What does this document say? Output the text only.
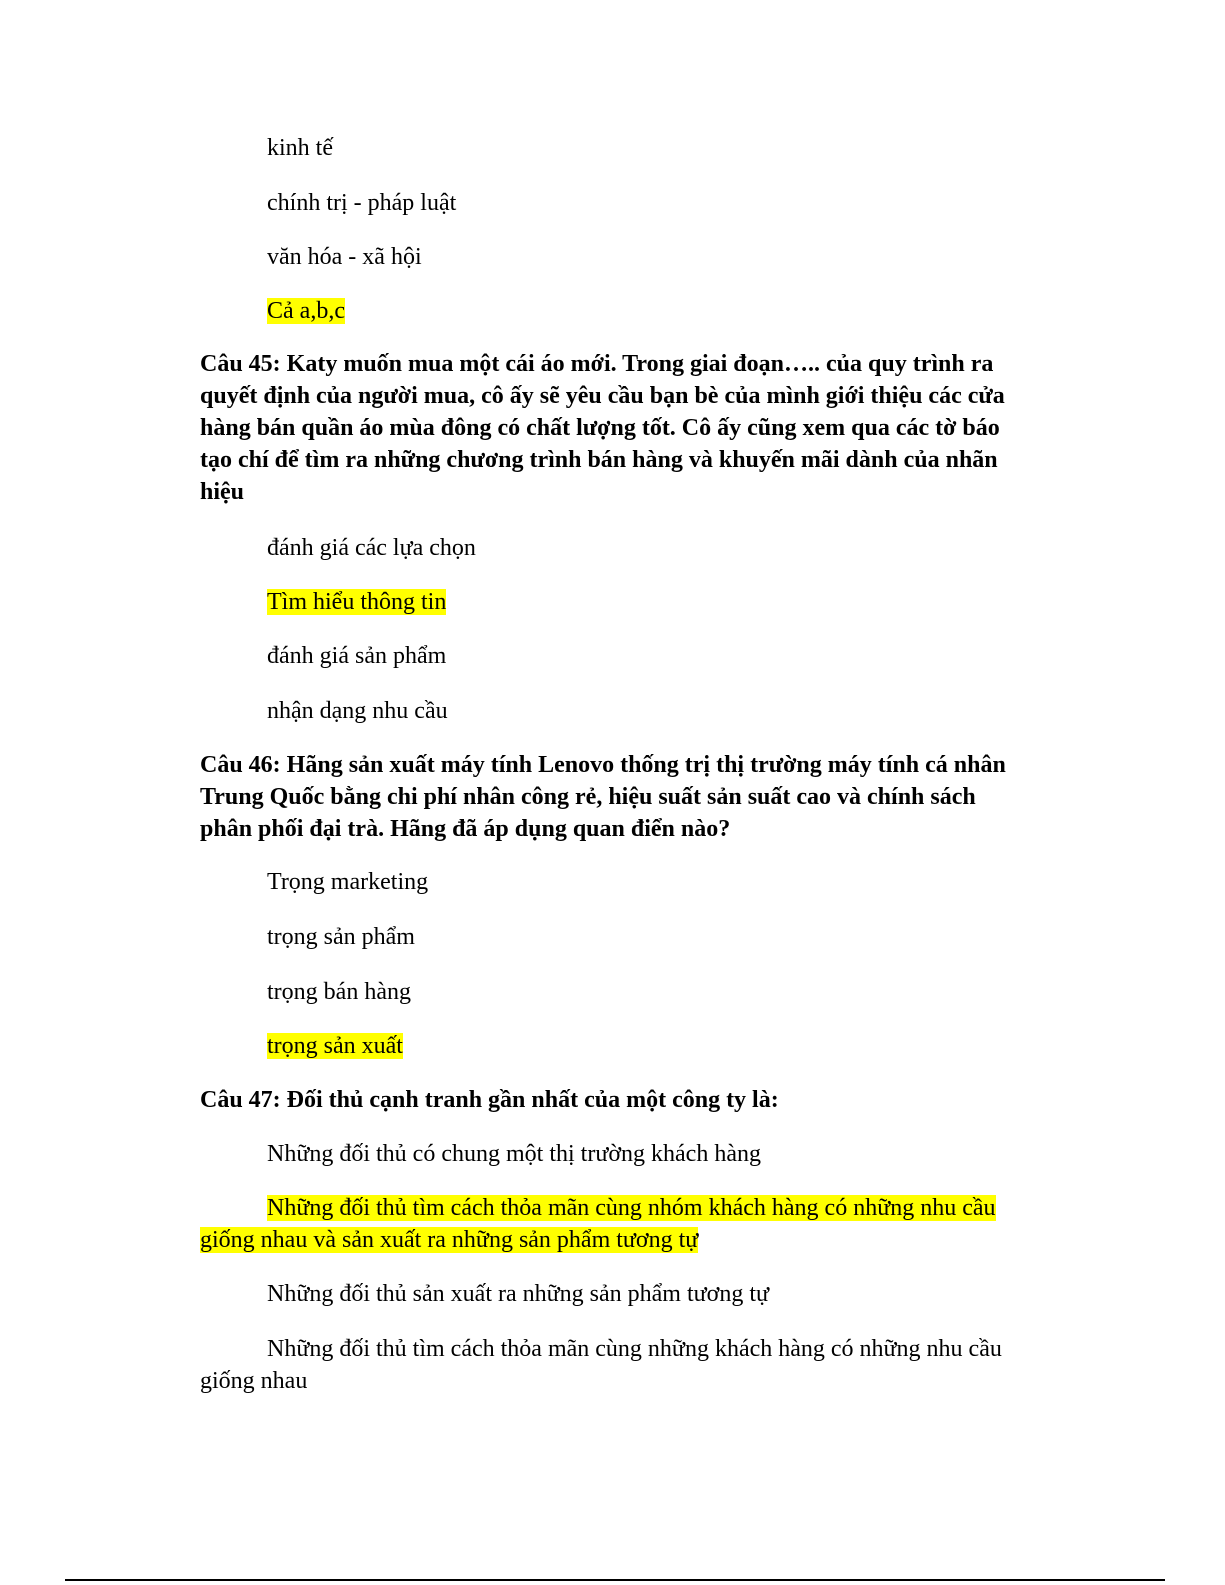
kinh tế
chính trị - pháp luật
văn hóa - xã hội
Cả a,b,c
Câu 45: Katy muốn mua một cái áo mới. Trong giai đoạn….. của quy trình ra quyết định của người mua, cô ấy sẽ yêu cầu bạn bè của mình giới thiệu các cửa hàng bán quần áo mùa đông có chất lượng tốt. Cô ấy cũng xem qua các tờ báo tạo chí để tìm ra những chương trình bán hàng và khuyến mãi dành của nhãn hiệu
đánh giá các lựa chọn
Tìm hiểu thông tin
đánh giá sản phẩm
nhận dạng nhu cầu
Câu 46: Hãng sản xuất máy tính Lenovo thống trị thị trường máy tính cá nhân Trung Quốc bằng chi phí nhân công rẻ, hiệu suất sản suất cao và chính sách phân phối đại trà. Hãng đã áp dụng quan điển nào?
Trọng marketing
trọng sản phẩm
trọng bán hàng
trọng sản xuất
Câu 47: Đối thủ cạnh tranh gần nhất của một công ty là:
Những đối thủ có chung một thị trường khách hàng
Những đối thủ tìm cách thỏa mãn cùng nhóm khách hàng có những nhu cầu giống nhau và sản xuất ra những sản phẩm tương tự
Những đối thủ sản xuất ra những sản phẩm tương tự
Những đối thủ tìm cách thỏa mãn cùng những khách hàng có những nhu cầu giống nhau
